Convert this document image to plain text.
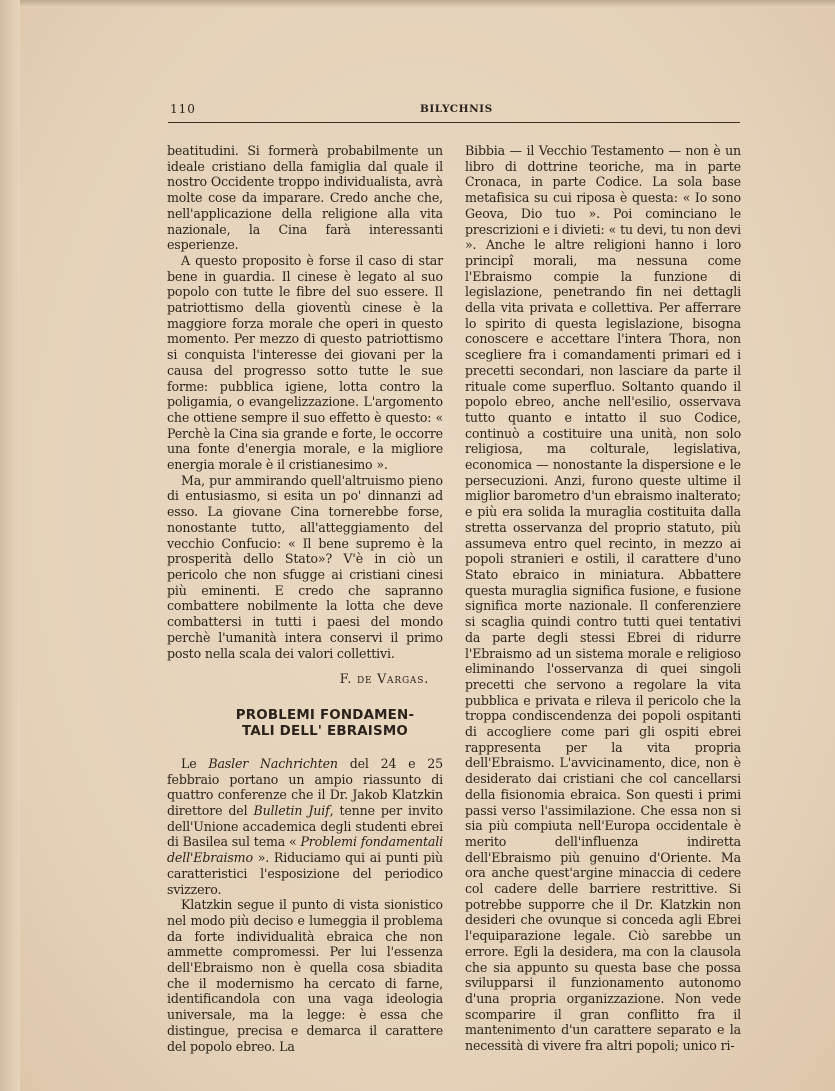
110	BILYCHNIS

beatitudini. Si formerà probabilmente un ideale cristiano della famiglia dal quale il nostro Occidente troppo individualista, avrà molte cose da imparare. Credo anche che, nell'applicazione della religione alla vita nazionale, la Cina farà interessanti esperienze.

A questo proposito è forse il caso di star bene in guardia. Il cinese è legato al suo popolo con tutte le fibre del suo essere. Il patriottismo della gioventù cinese è la maggiore forza morale che operi in questo momento. Per mezzo di questo patriottismo si conquista l'interesse dei giovani per la causa del progresso sotto tutte le sue forme: pubblica igiene, lotta contro la poligamia, o evangelizzazione. L'argomento che ottiene sempre il suo effetto è questo: « Perchè la Cina sia grande e forte, le occorre una fonte d'energia morale, e la migliore energia morale è il cristianesimo ».

Ma, pur ammirando quell'altruismo pieno di entusiasmo, si esita un po' dinnanzi ad esso. La giovane Cina tornerebbe forse, nonostante tutto, all'atteggiamento del vecchio Confucio: « Il bene supremo è la prosperità dello Stato»? V'è in ciò un pericolo che non sfugge ai cristiani cinesi più eminenti. E credo che sapranno combattere nobilmente la lotta che deve combattersi in tutti i paesi del mondo perchè l'umanità intera conservi il primo posto nella scala dei valori collettivi.

F. de Vargas.

PROBLEMI FONDAMEN-
TALI DELL' EBRAISMO

Le Basler Nachrichten del 24 e 25 febbraio portano un ampio riassunto di quattro conferenze che il Dr. Jakob Klatzkin direttore del Bulletin Juif, tenne per invito dell'Unione accademica degli studenti ebrei di Basilea sul tema « Problemi fondamentali dell'Ebraismo ». Riduciamo qui ai punti più caratteristici l'esposizione del periodico svizzero.

Klatzkin segue il punto di vista sionistico nel modo più deciso e lumeggia il problema da forte individualità ebraica che non ammette compromessi. Per lui l'essenza dell'Ebraismo non è quella cosa sbiadita che il modernismo ha cercato di farne, identificandola con una vaga ideologia universale, ma la legge: è essa che distingue, precisa e demarca il carattere del popolo ebreo. La

Bibbia — il Vecchio Testamento — non è un libro di dottrine teoriche, ma in parte Cronaca, in parte Codice. La sola base metafisica su cui riposa è questa: « Io sono Geova, Dio tuo ». Poi cominciano le prescrizioni e i divieti: « tu devi, tu non devi ». Anche le altre religioni hanno i loro principî morali, ma nessuna come l'Ebraismo compie la funzione di legislazione, penetrando fin nei dettagli della vita privata e collettiva. Per afferrare lo spirito di questa legislazione, bisogna conoscere e accettare l'intera Thora, non scegliere fra i comandamenti primari ed i precetti secondari, non lasciare da parte il rituale come superfluo. Soltanto quando il popolo ebreo, anche nell'esilio, osservava tutto quanto e intatto il suo Codice, continuò a costituire una unità, non solo religiosa, ma colturale, legislativa, economica — nonostante la dispersione e le persecuzioni. Anzi, furono queste ultime il miglior barometro d'un ebraismo inalterato; e più era solida la muraglia costituita dalla stretta osservanza del proprio statuto, più assumeva entro quel recinto, in mezzo ai popoli stranieri e ostili, il carattere d'uno Stato ebraico in miniatura. Abbattere questa muraglia significa fusione, e fusione significa morte nazionale. Il conferenziere si scaglia quindi contro tutti quei tentativi da parte degli stessi Ebrei di ridurre l'Ebraismo ad un sistema morale e religioso eliminando l'osservanza di quei singoli precetti che servono a regolare la vita pubblica e privata e rileva il pericolo che la troppa condiscendenza dei popoli ospitanti di accogliere come pari gli ospiti ebrei rappresenta per la vita propria dell'Ebraismo. L'avvicinamento, dice, non è desiderato dai cristiani che col cancellarsi della fisionomia ebraica. Son questi i primi passi verso l'assimilazione. Che essa non si sia più compiuta nell'Europa occidentale è merito dell'influenza indiretta dell'Ebraismo più genuino d'Oriente. Ma ora anche quest'argine minaccia di cedere col cadere delle barriere restrittive. Si potrebbe supporre che il Dr. Klatzkin non desideri che ovunque si conceda agli Ebrei l'equiparazione legale. Ciò sarebbe un errore. Egli la desidera, ma con la clausola che sia appunto su questa base che possa svilupparsi il funzionamento autonomo d'una propria organizzazione. Non vede scomparire il gran conflitto fra il mantenimento d'un carattere separato e la necessità di vivere fra altri popoli; unico ri-
